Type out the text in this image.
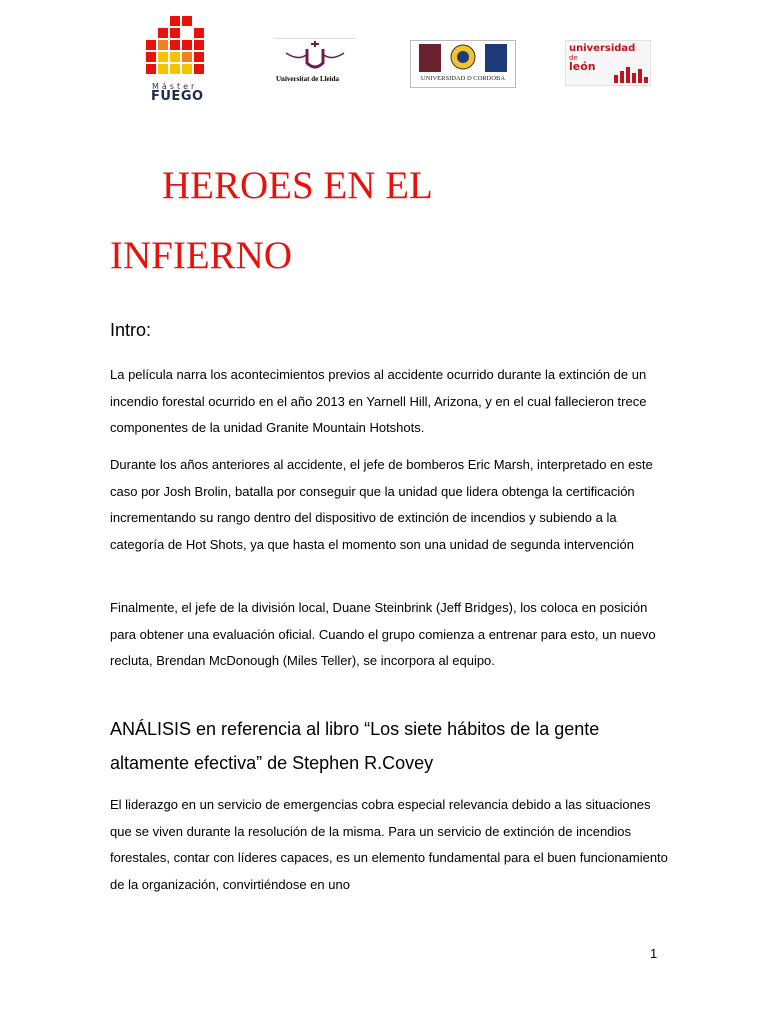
Máster
FUEGO
Universitat de Lleida	UNIVERSIDAD D CORDOBA
universidad
de
león
HEROES EN EL
INFIERNO
Intro:

La película narra los acontecimientos previos al accidente ocurrido durante la extinción de un incendio forestal ocurrido en el año 2013 en Yarnell Hill, Arizona, y en el cual fallecieron trece componentes de la unidad Granite Mountain Hotshots.

Durante los años anteriores al accidente, el jefe de bomberos Eric Marsh, interpretado en este caso por Josh Brolin, batalla por conseguir que la unidad que lidera obtenga la certificación incrementando su rango dentro del dispositivo de extinción de incendios y subiendo a la categoría de Hot Shots, ya que hasta el momento son una unidad de segunda intervención

Finalmente, el jefe de la división local, Duane Steinbrink (Jeff Bridges), los coloca en posición para obtener una evaluación oficial. Cuando el grupo comienza a entrenar para esto, un nuevo recluta, Brendan McDonough (Miles Teller), se incorpora al equipo.

ANÁLISIS en referencia al libro “Los siete hábitos de la gente altamente efectiva” de Stephen R.Covey

El liderazgo en un servicio de emergencias cobra especial relevancia debido a las situaciones que se viven durante la resolución de la misma. Para un servicio de extinción de incendios forestales, contar con líderes capaces, es un elemento fundamental para el buen funcionamiento de la organización, convirtiéndose en uno

1
